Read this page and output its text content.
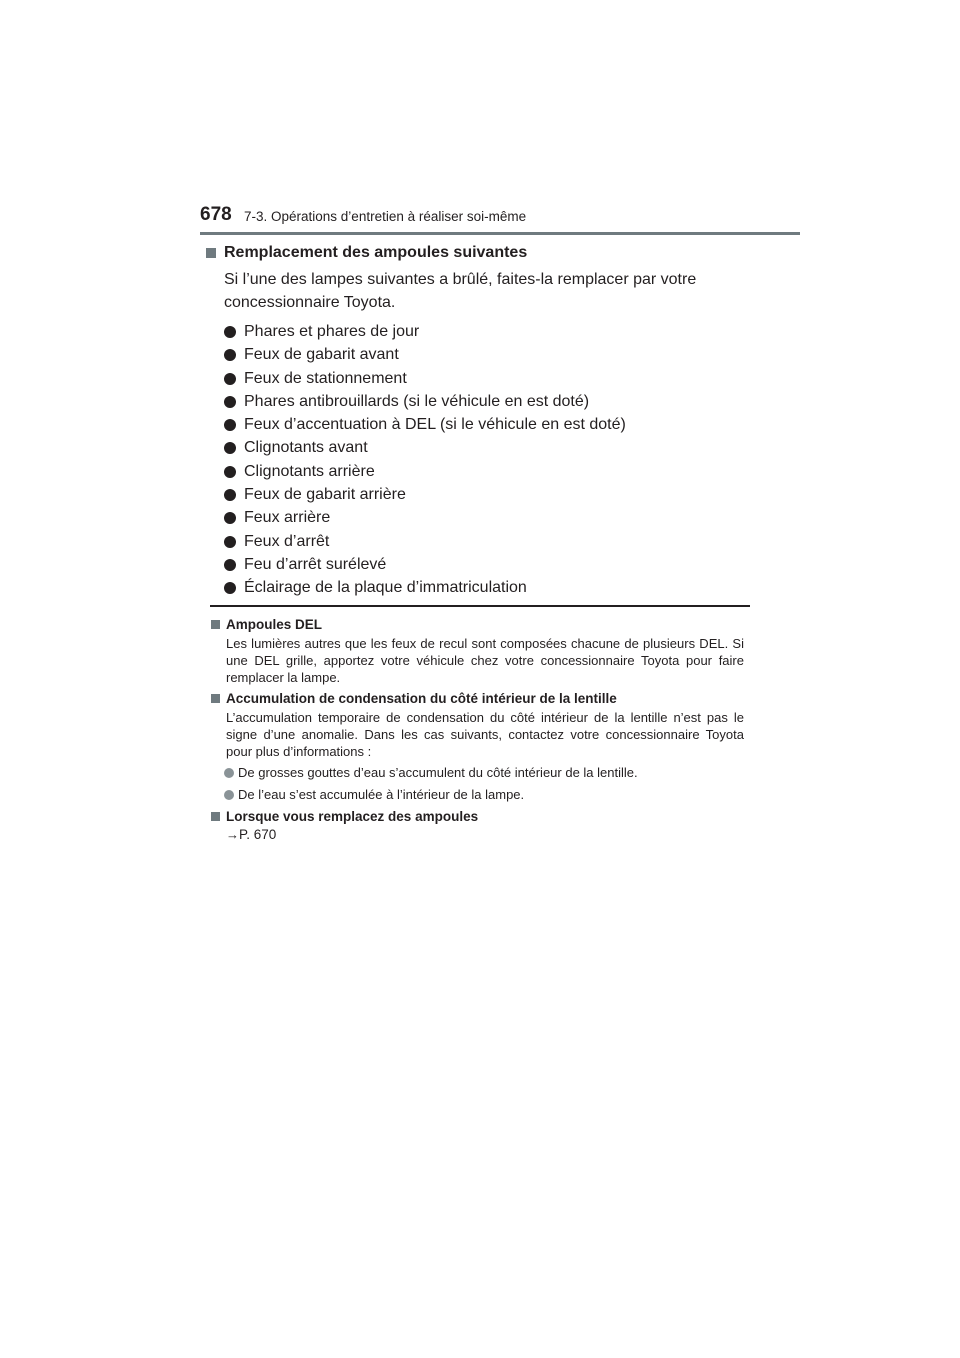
678 7-3. Opérations d’entretien à réaliser soi-même
Remplacement des ampoules suivantes

Si l’une des lampes suivantes a brûlé, faites-la remplacer par votre concessionnaire Toyota.

Phares et phares de jour
Feux de gabarit avant
Feux de stationnement
Phares antibrouillards (si le véhicule en est doté)
Feux d’accentuation à DEL (si le véhicule en est doté)
Clignotants avant
Clignotants arrière
Feux de gabarit arrière
Feux arrière
Feux d’arrêt
Feu d’arrêt surélevé
Éclairage de la plaque d’immatriculation
Ampoules DEL

Les lumières autres que les feux de recul sont composées chacune de plusieurs DEL. Si une DEL grille, apportez votre véhicule chez votre concessionnaire Toyota pour faire remplacer la lampe.

Accumulation de condensation du côté intérieur de la lentille

L’accumulation temporaire de condensation du côté intérieur de la lentille n’est pas le signe d’une anomalie. Dans les cas suivants, contactez votre concessionnaire Toyota pour plus d’informations :

De grosses gouttes d’eau s’accumulent du côté intérieur de la lentille.
De l’eau s’est accumulée à l’intérieur de la lampe.
Lorsque vous remplacez des ampoules
→P. 670
